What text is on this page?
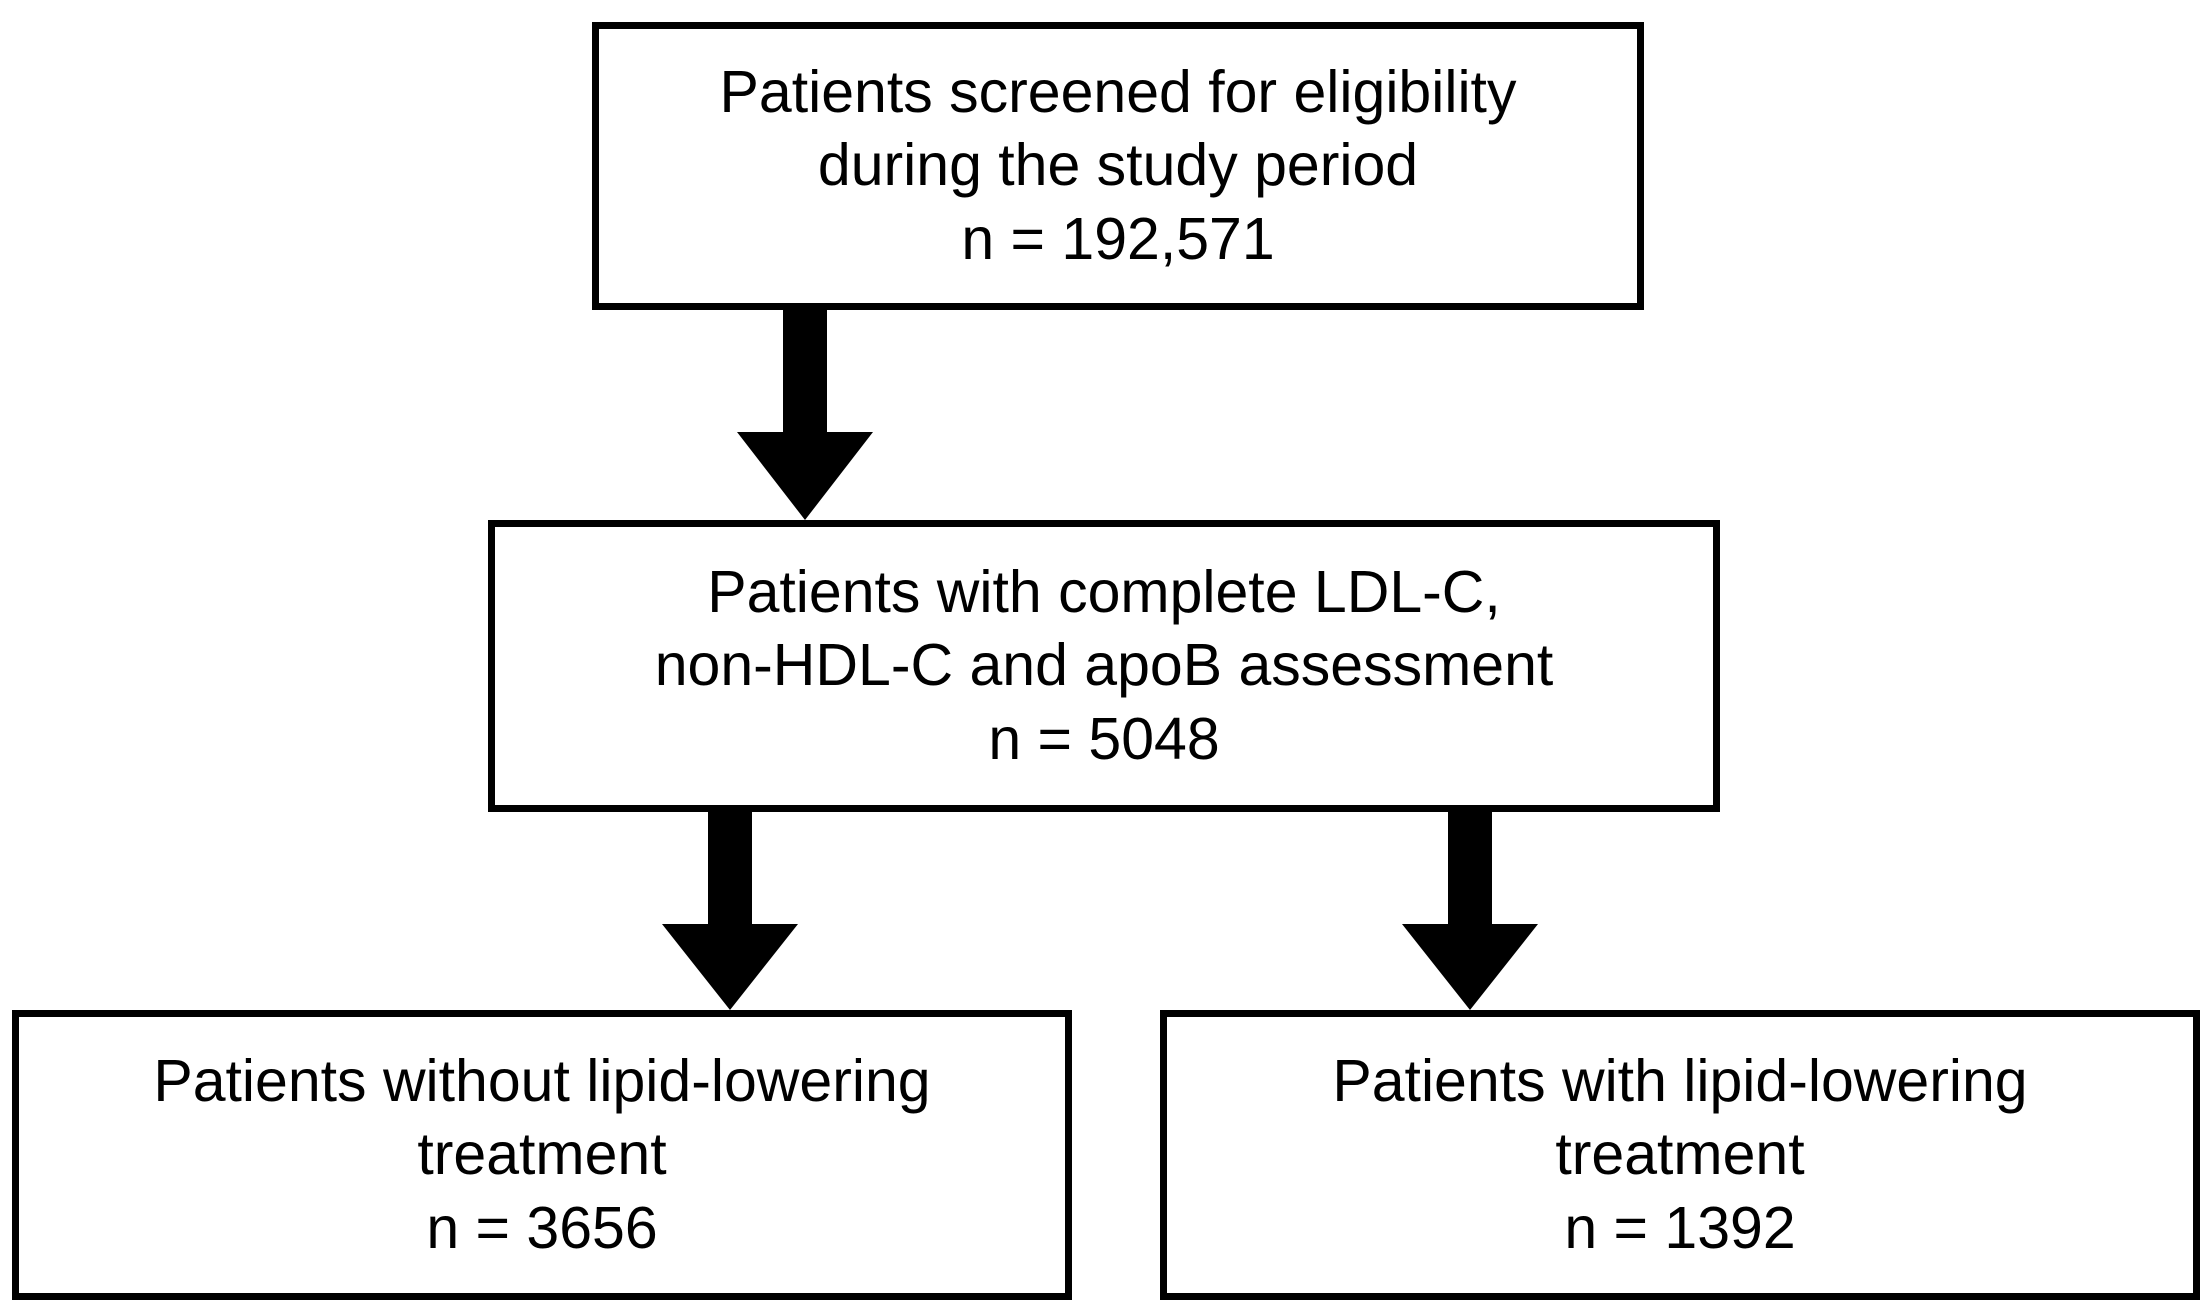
Patients screened for eligibility
during the study period
n = 192,571
Patients with complete LDL-C,
non-HDL-C and apoB assessment
n = 5048
Patients without lipid-lowering
treatment
n = 3656
Patients with lipid-lowering
treatment
n = 1392
